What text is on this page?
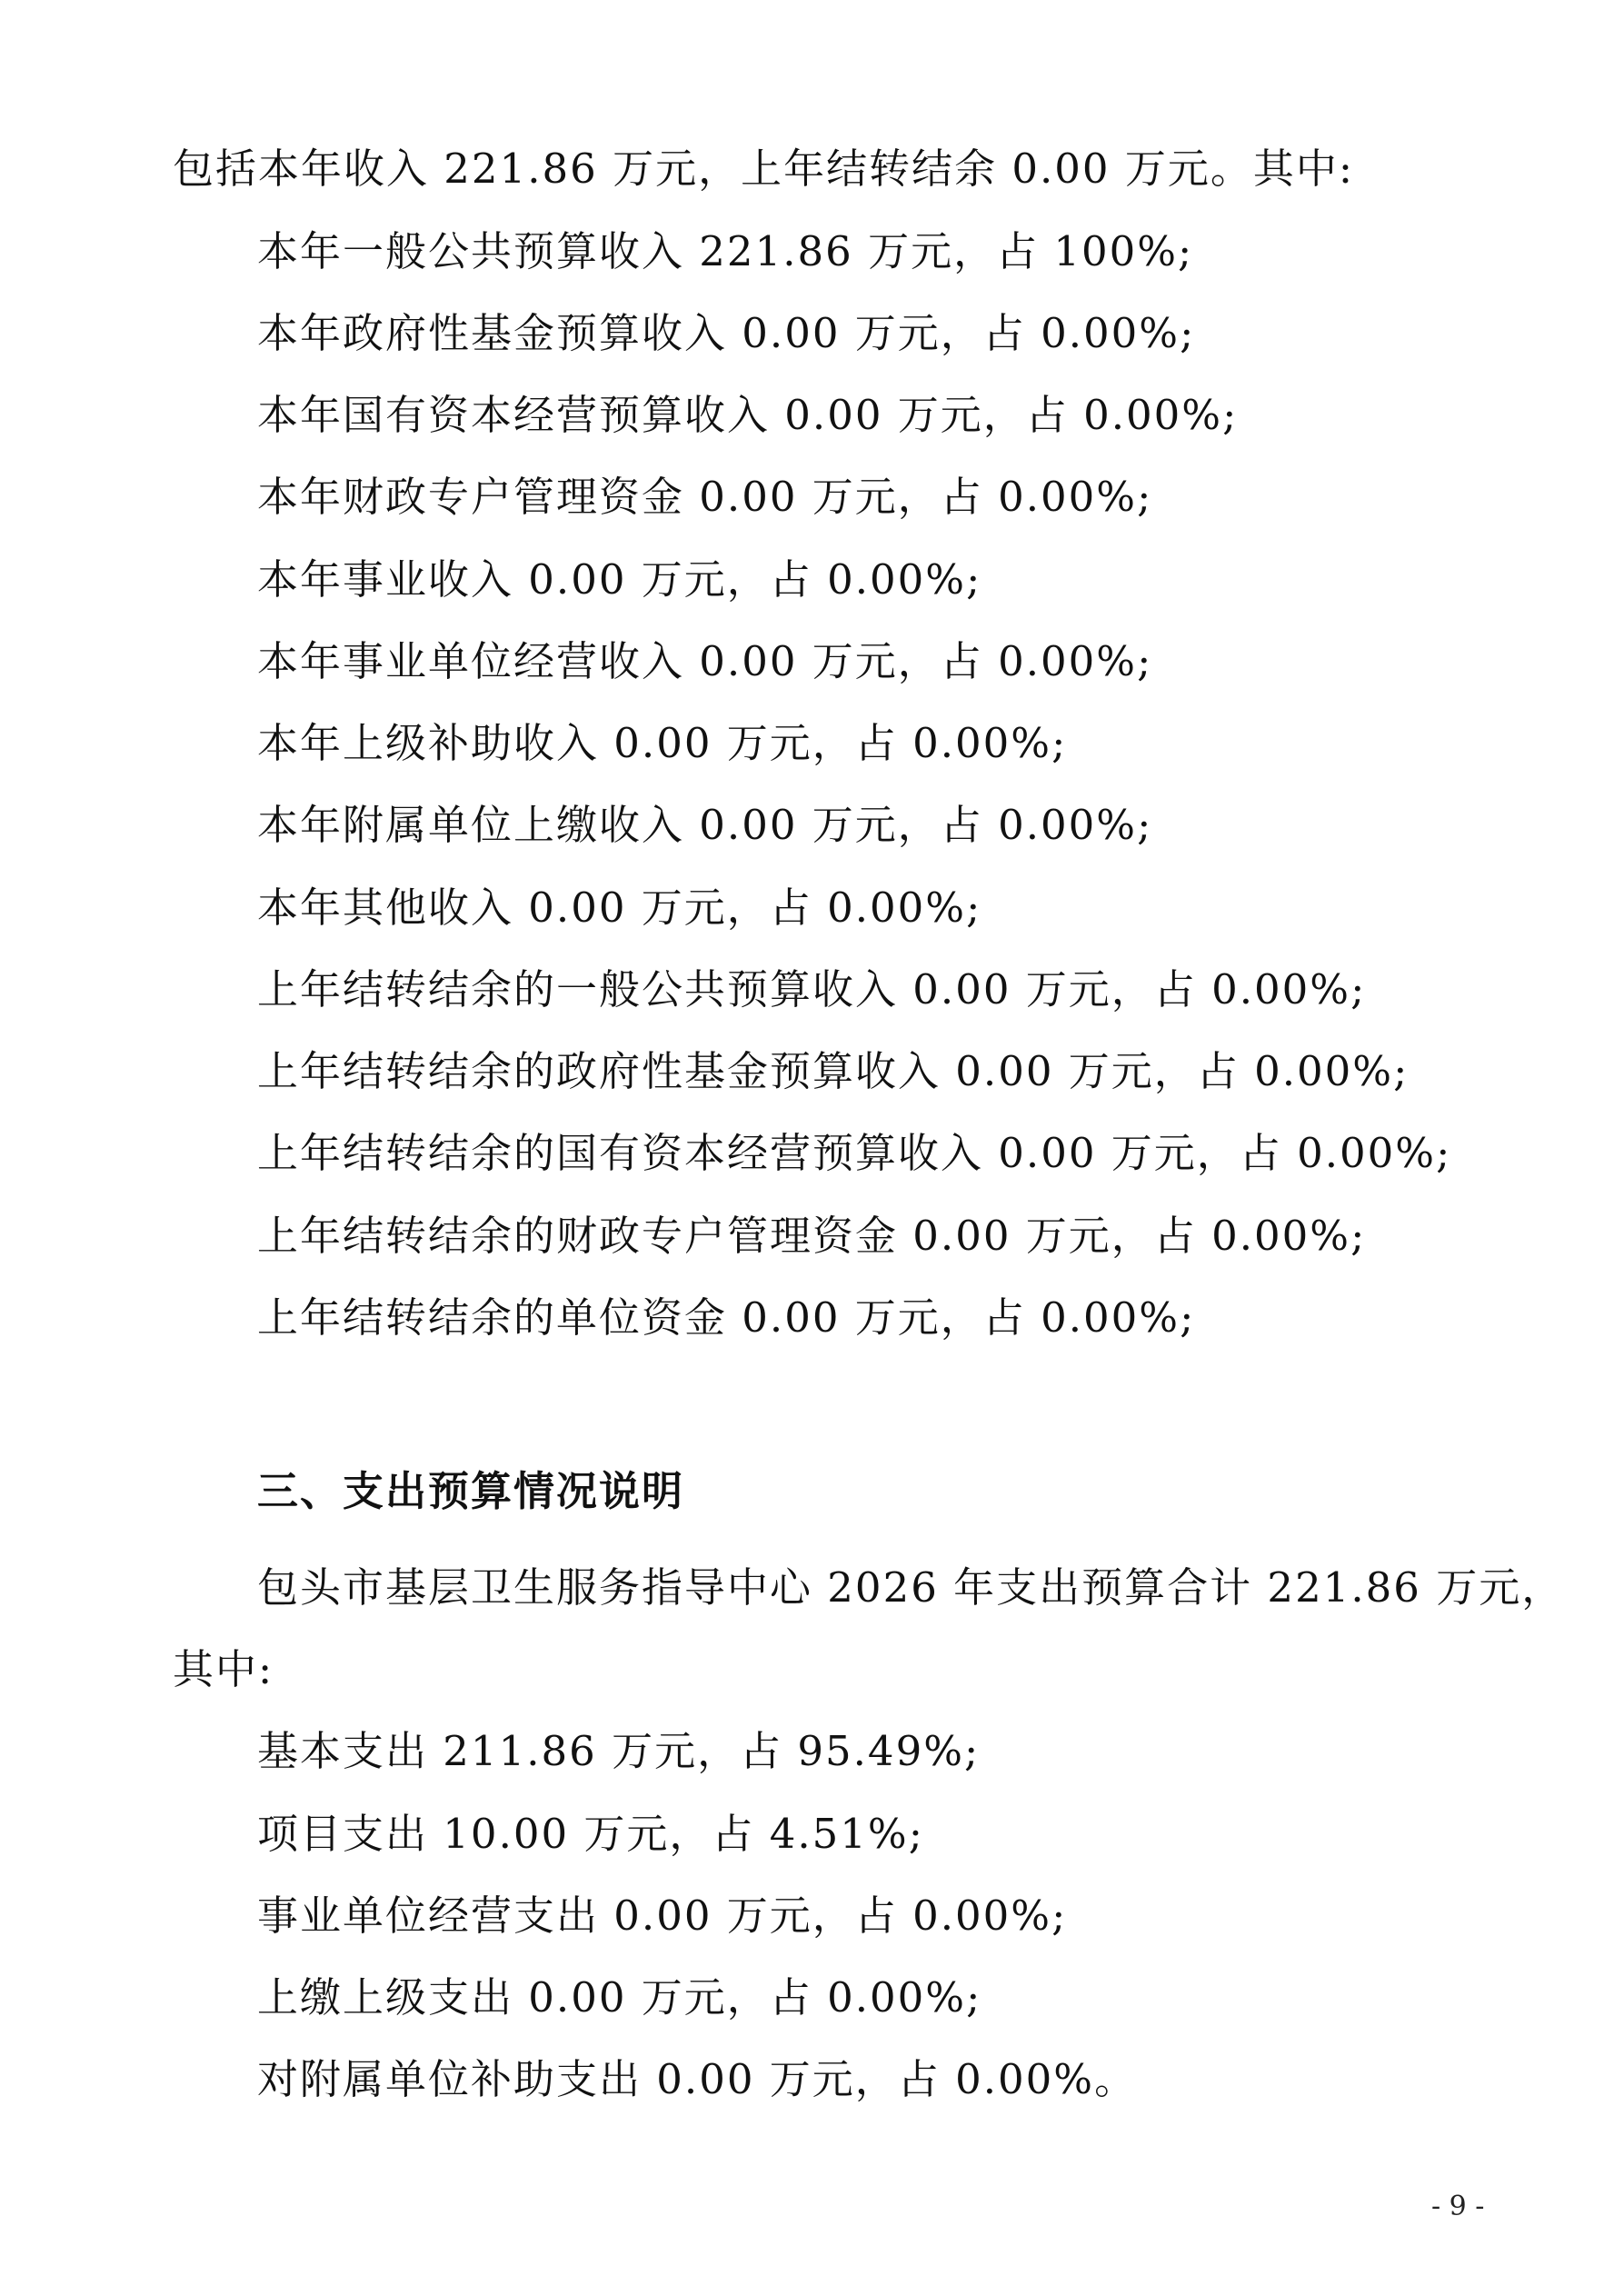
包括本年收入 221.86 万元，上年结转结余 0.00 万元。其中:
本年一般公共预算收入 221.86 万元，占 100%;
本年政府性基金预算收入 0.00 万元，占 0.00%;
本年国有资本经营预算收入 0.00 万元，占 0.00%;
本年财政专户管理资金 0.00 万元，占 0.00%;
本年事业收入 0.00 万元，占 0.00%;
本年事业单位经营收入 0.00 万元，占 0.00%;
本年上级补助收入 0.00 万元，占 0.00%;
本年附属单位上缴收入 0.00 万元，占 0.00%;
本年其他收入 0.00 万元，占 0.00%;
上年结转结余的一般公共预算收入 0.00 万元，占 0.00%;
上年结转结余的政府性基金预算收入 0.00 万元，占 0.00%;
上年结转结余的国有资本经营预算收入 0.00 万元，占 0.00%;
上年结转结余的财政专户管理资金 0.00 万元，占 0.00%;
上年结转结余的单位资金 0.00 万元，占 0.00%;
三、支出预算情况说明
包头市基层卫生服务指导中心 2026 年支出预算合计 221.86 万元，
其中:
基本支出 211.86 万元，占 95.49%;
项目支出 10.00 万元，占 4.51%;
事业单位经营支出 0.00 万元，占 0.00%;
上缴上级支出 0.00 万元，占 0.00%;
对附属单位补助支出 0.00 万元，占 0.00%。
- 9 -
